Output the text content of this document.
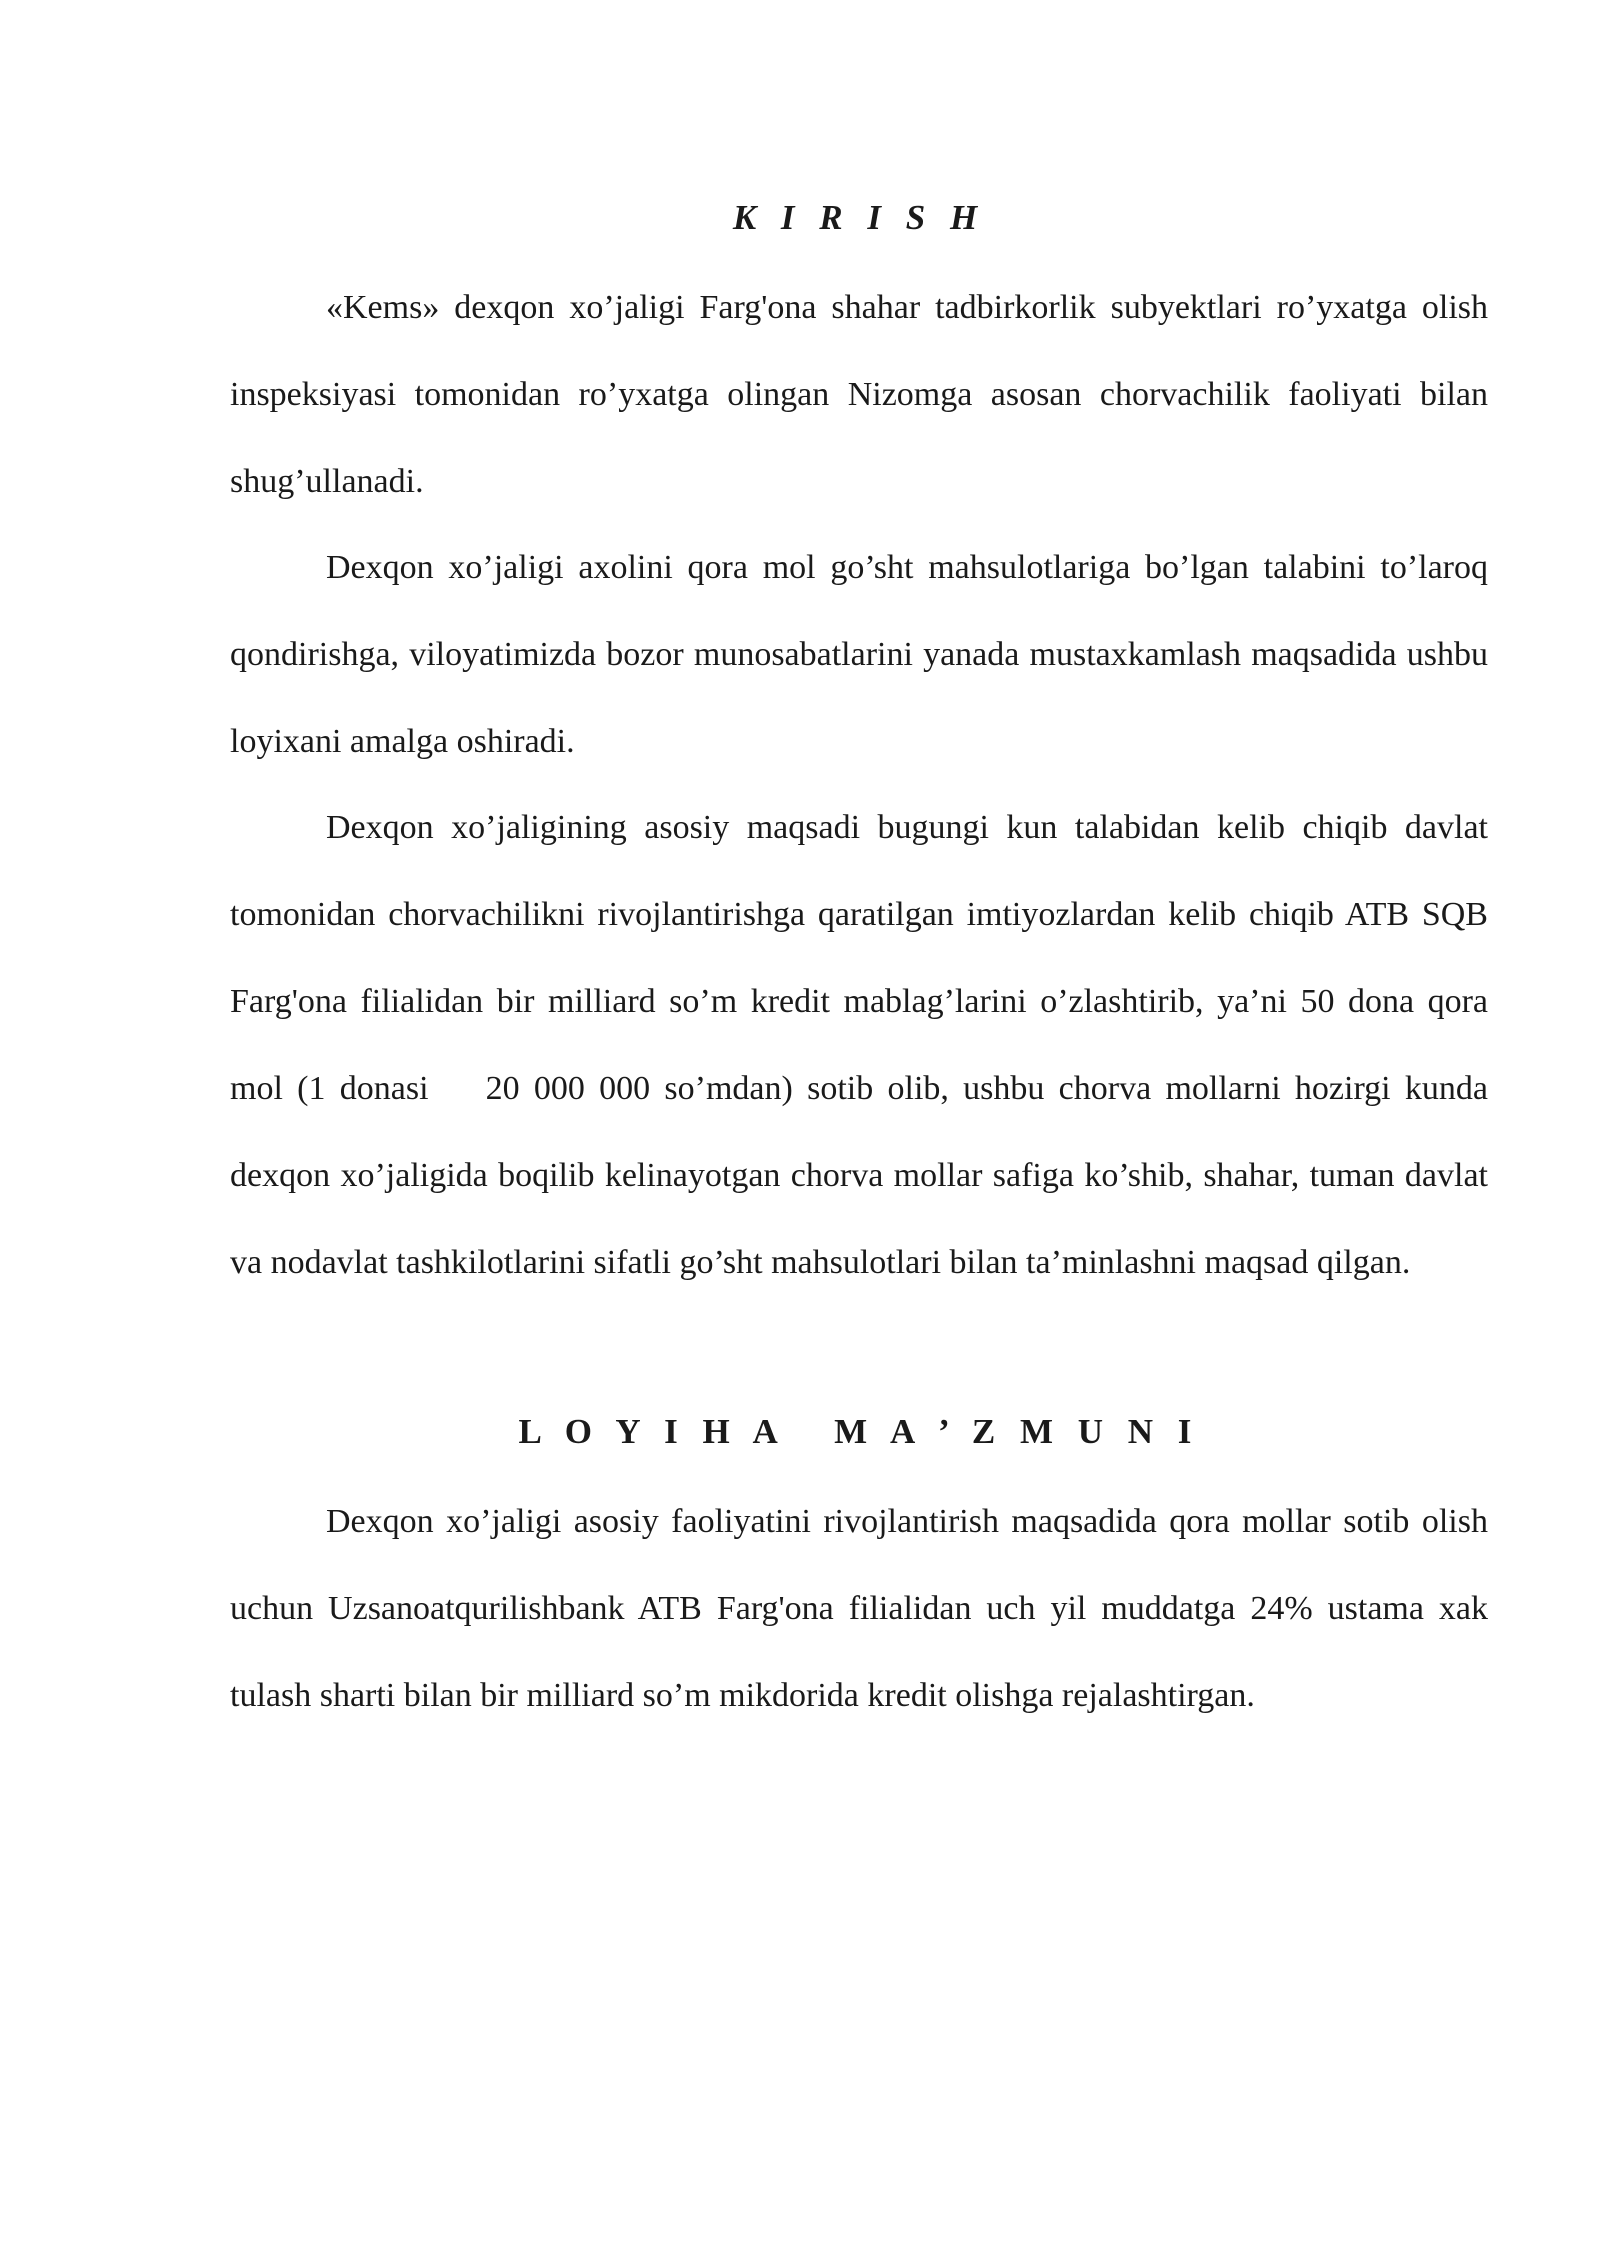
K I R I S H

«Kems» dexqon xo’jaligi Farg'ona shahar tadbirkorlik subyektlari ro’yxatga olish inspeksiyasi tomonidan ro’yxatga olingan Nizomga asosan chorvachilik faoliyati bilan shug’ullanadi.

Dexqon xo’jaligi axolini qora mol go’sht mahsulotlariga bo’lgan talabini to’laroq qondirishga, viloyatimizda bozor munosabatlarini yanada mustaxkamlash maqsadida ushbu loyixani amalga oshiradi.

Dexqon xo’jaligining asosiy maqsadi bugungi kun talabidan kelib chiqib davlat tomonidan chorvachilikni rivojlantirishga qaratilgan imtiyozlardan kelib chiqib ATB SQB Farg'ona filialidan bir milliard so’m kredit mablag’larini o’zlashtirib, ya’ni 50 dona qora mol (1 donasi    20 000 000 so’mdan) sotib olib, ushbu chorva mollarni hozirgi kunda dexqon xo’jaligida boqilib kelinayotgan chorva mollar safiga ko’shib, shahar, tuman davlat va nodavlat tashkilotlarini sifatli go’sht mahsulotlari bilan ta’minlashni maqsad qilgan.

L O Y I H A   M A ’ Z M U N I

Dexqon xo’jaligi asosiy faoliyatini rivojlantirish maqsadida qora mollar sotib olish uchun Uzsanoatqurilishbank ATB Farg'ona filialidan uch yil muddatga 24% ustama xak tulash sharti bilan bir milliard so’m mikdorida kredit olishga rejalashtirgan.
